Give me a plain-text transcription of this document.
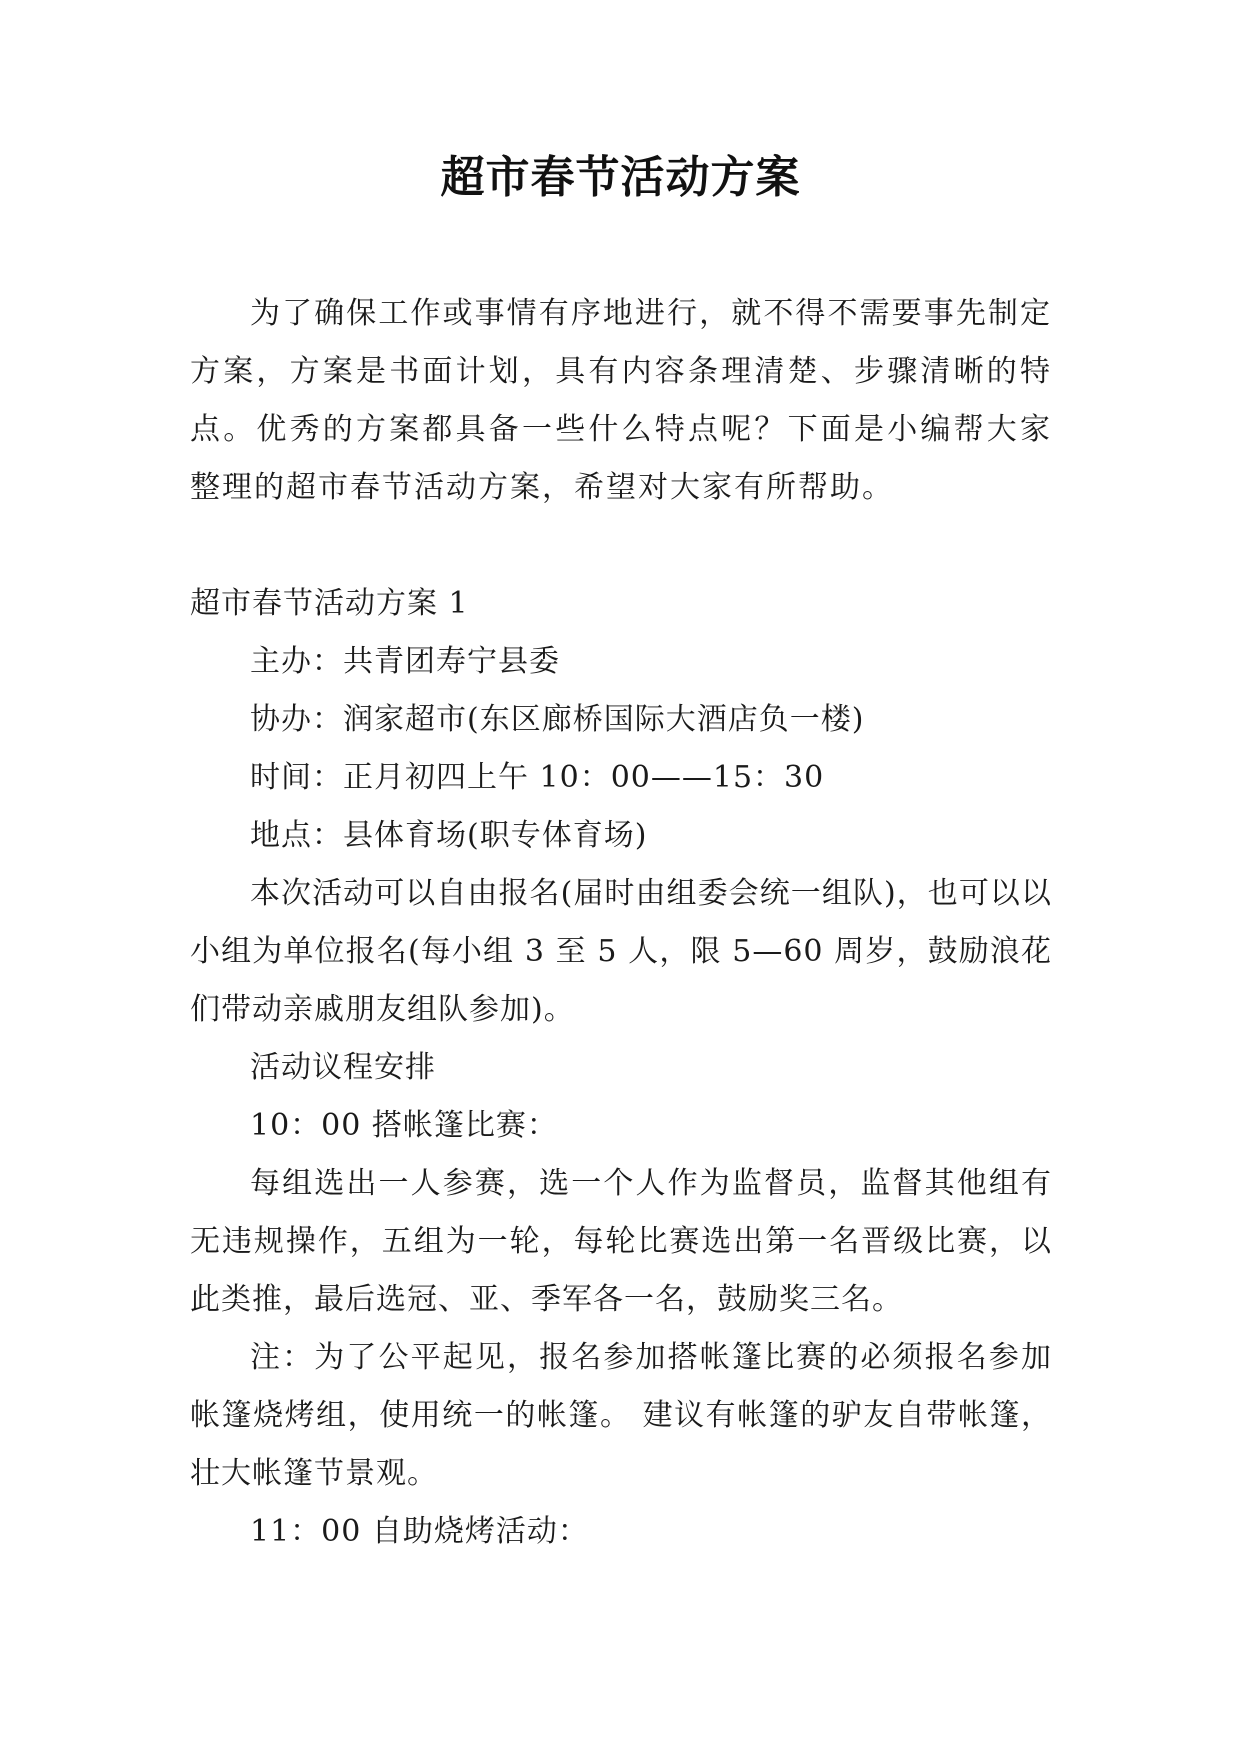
超市春节活动方案

为了确保工作或事情有序地进行，就不得不需要事先制定方案，方案是书面计划，具有内容条理清楚、步骤清晰的特点。优秀的方案都具备一些什么特点呢？下面是小编帮大家整理的超市春节活动方案，希望对大家有所帮助。

超市春节活动方案 1

主办：共青团寿宁县委

协办：润家超市(东区廊桥国际大酒店负一楼)

时间：正月初四上午 10：00——15：30

地点：县体育场(职专体育场)

本次活动可以自由报名(届时由组委会统一组队)，也可以以小组为单位报名(每小组 3 至 5 人，限 5—60 周岁，鼓励浪花们带动亲戚朋友组队参加)。

活动议程安排

10：00 搭帐篷比赛：

每组选出一人参赛，选一个人作为监督员，监督其他组有无违规操作，五组为一轮，每轮比赛选出第一名晋级比赛，以此类推，最后选冠、亚、季军各一名，鼓励奖三名。

注：为了公平起见，报名参加搭帐篷比赛的必须报名参加帐篷烧烤组，使用统一的帐篷。 建议有帐篷的驴友自带帐篷，壮大帐篷节景观。

11：00 自助烧烤活动：
